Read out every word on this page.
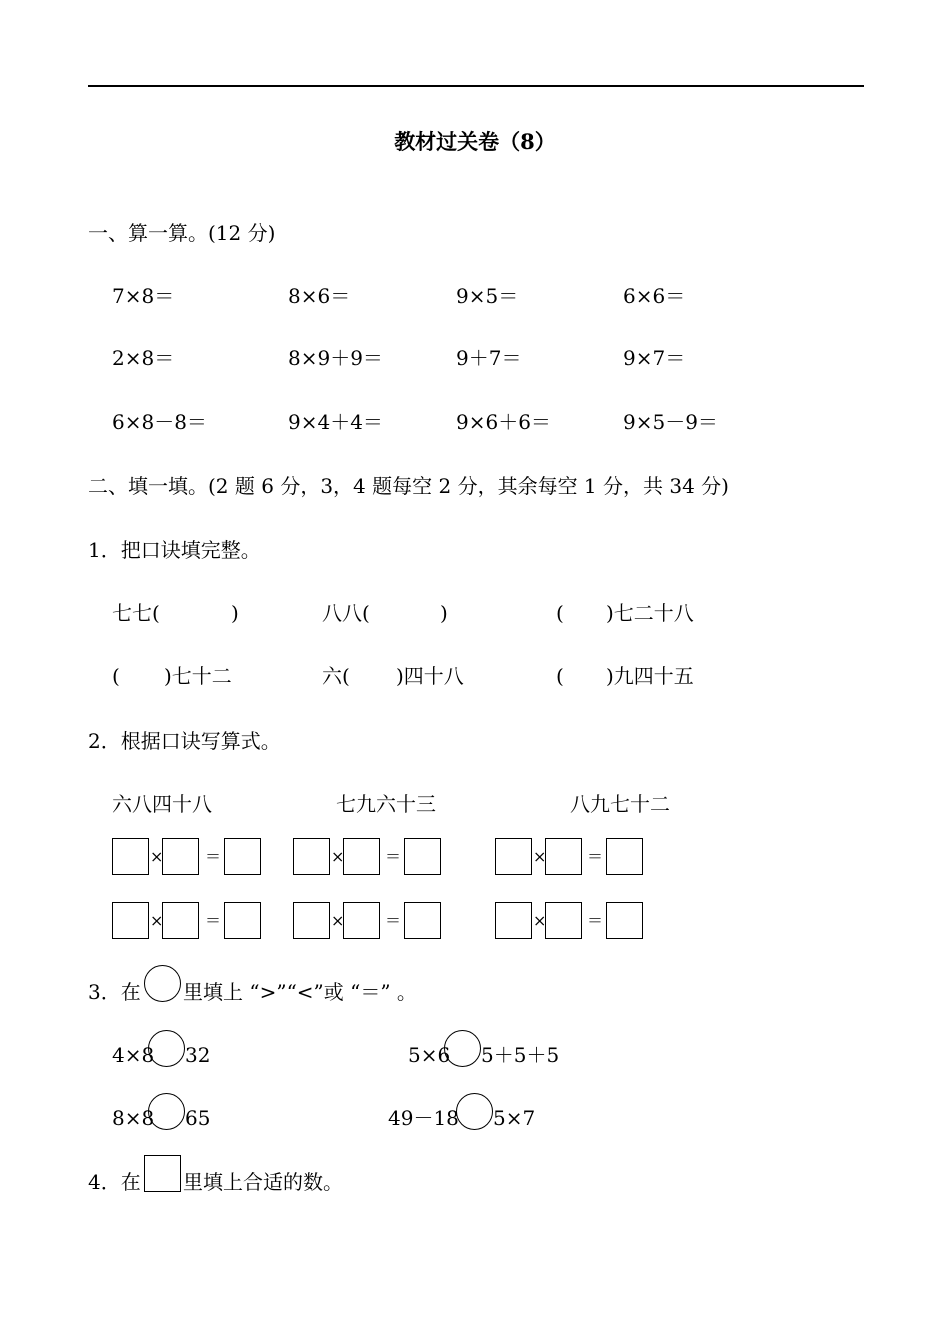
教材过关卷（8）
一、算一算。(12 分)
7×8＝	8×6＝	9×5＝	6×6＝
2×8＝	8×9＋9＝	9＋7＝	9×7＝
6×8－8＝	9×4＋4＝	9×6＋6＝	9×5－9＝
二、填一填。(2 题 6 分，3，4 题每空 2 分，其余每空 1 分，共 34 分)
1．把口诀填完整。
七七(	)	八八(	)	( )七二十八
( )七十二	六( )四十八	( )九四十五
2．根据口诀写算式。
六八四十八	七九六十三	八九七十二
×	＝	×	＝	×	＝
×	＝	×	＝	×	＝
3．在 里填上 “>”“<”或 “＝” 。
4×8 32	5×6 5＋5＋5
8×8 65	49－18 5×7
4．在 里填上合适的数。
